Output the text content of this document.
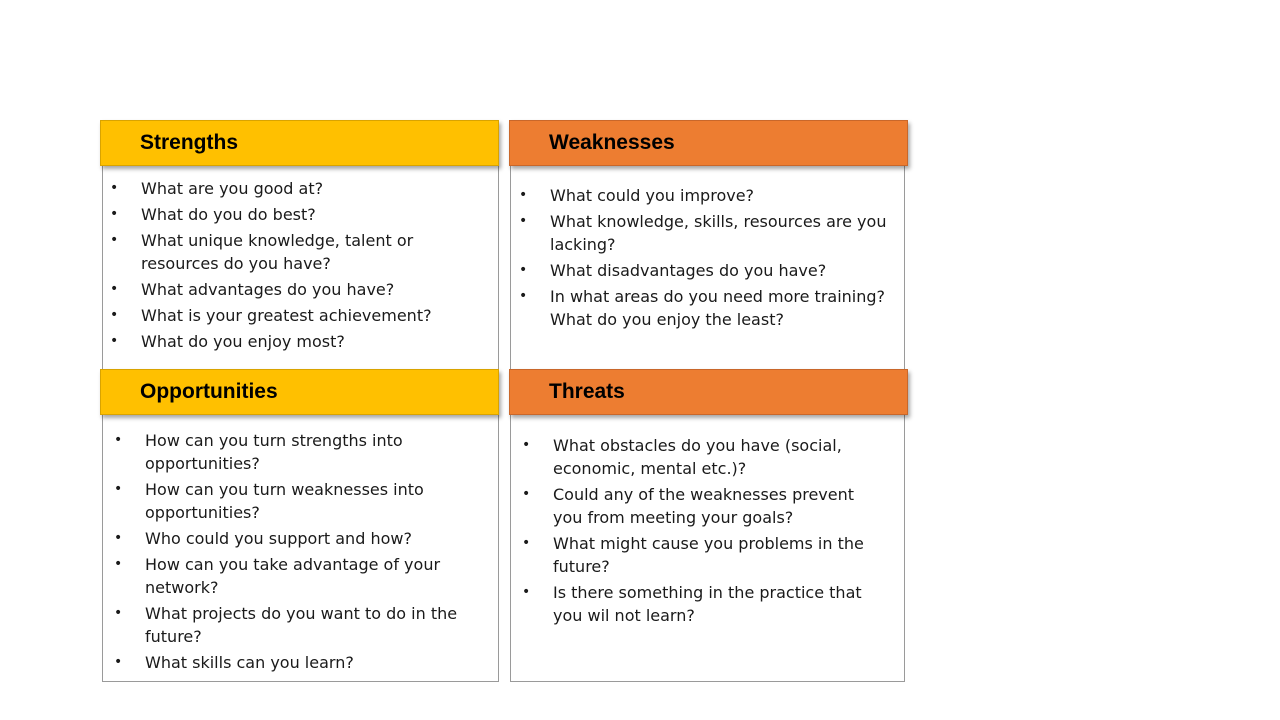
Strengths
• What are you good at?
• What do you do best?
• What unique knowledge, talent or resources do you have?
• What advantages do you have?
• What is your greatest achievement?
• What do you enjoy most?
Weaknesses
• What could you improve?
• What knowledge, skills, resources are you lacking?
• What disadvantages do you have?
• In what areas do you need more training? What do you enjoy the least?
Opportunities
• How can you turn strengths into opportunities?
• How can you turn weaknesses into opportunities?
• Who could you support and how?
• How can you take advantage of your network?
• What projects do you want to do in the future?
• What skills can you learn?
Threats
• What obstacles do you have (social, economic, mental etc.)?
• Could any of the weaknesses prevent you from meeting your goals?
• What might cause you problems in the future?
• Is there something in the practice that you wil not learn?
